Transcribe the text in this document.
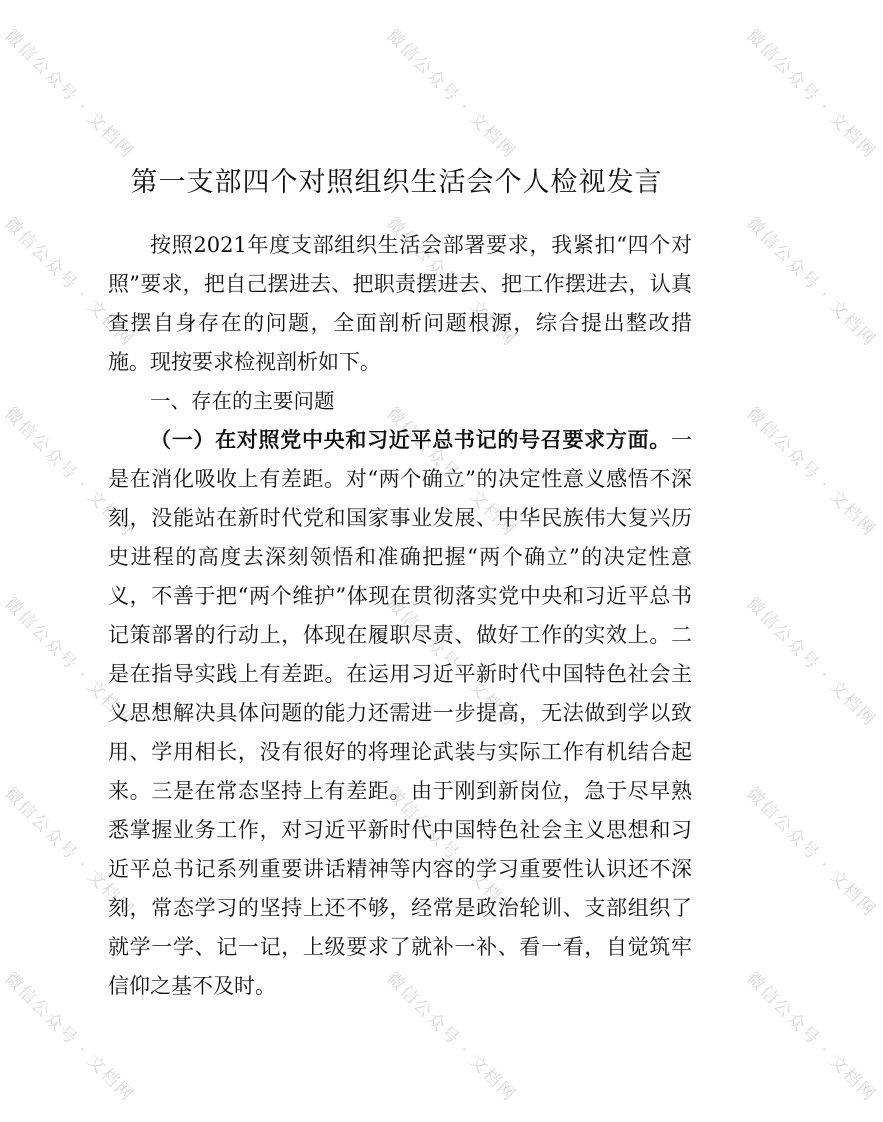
微信公众号 · 文档网	微信公众号 · 文档网	微信公众号 · 文档网
微信公众号 · 文档网	微信公众号 · 文档网	微信公众号 · 文档网
微信公众号 · 文档网	微信公众号 · 文档网	微信公众号 · 文档网
微信公众号 · 文档网	微信公众号 · 文档网	微信公众号 · 文档网
微信公众号 · 文档网	微信公众号 · 文档网	微信公众号 · 文档网
微信公众号 · 文档网	微信公众号 · 文档网	微信公众号 · 文档网
第一支部四个对照组织生活会个人检视发言

按照2021年度支部组织生活会部署要求，我紧扣“四个对照”要求，把自己摆进去、把职责摆进去、把工作摆进去，认真查摆自身存在的问题，全面剖析问题根源，综合提出整改措施。现按要求检视剖析如下。

一、存在的主要问题

（一）在对照党中央和习近平总书记的号召要求方面。一是在消化吸收上有差距。对“两个确立”的决定性意义感悟不深刻，没能站在新时代党和国家事业发展、中华民族伟大复兴历史进程的高度去深刻领悟和准确把握“两个确立”的决定性意义，不善于把“两个维护”体现在贯彻落实党中央和习近平总书记策部署的行动上，体现在履职尽责、做好工作的实效上。二是在指导实践上有差距。在运用习近平新时代中国特色社会主义思想解决具体问题的能力还需进一步提高，无法做到学以致用、学用相长，没有很好的将理论武装与实际工作有机结合起来。三是在常态坚持上有差距。由于刚到新岗位，急于尽早熟悉掌握业务工作，对习近平新时代中国特色社会主义思想和习近平总书记系列重要讲话精神等内容的学习重要性认识还不深刻，常态学习的坚持上还不够，经常是政治轮训、支部组织了就学一学、记一记，上级要求了就补一补、看一看，自觉筑牢信仰之基不及时。
